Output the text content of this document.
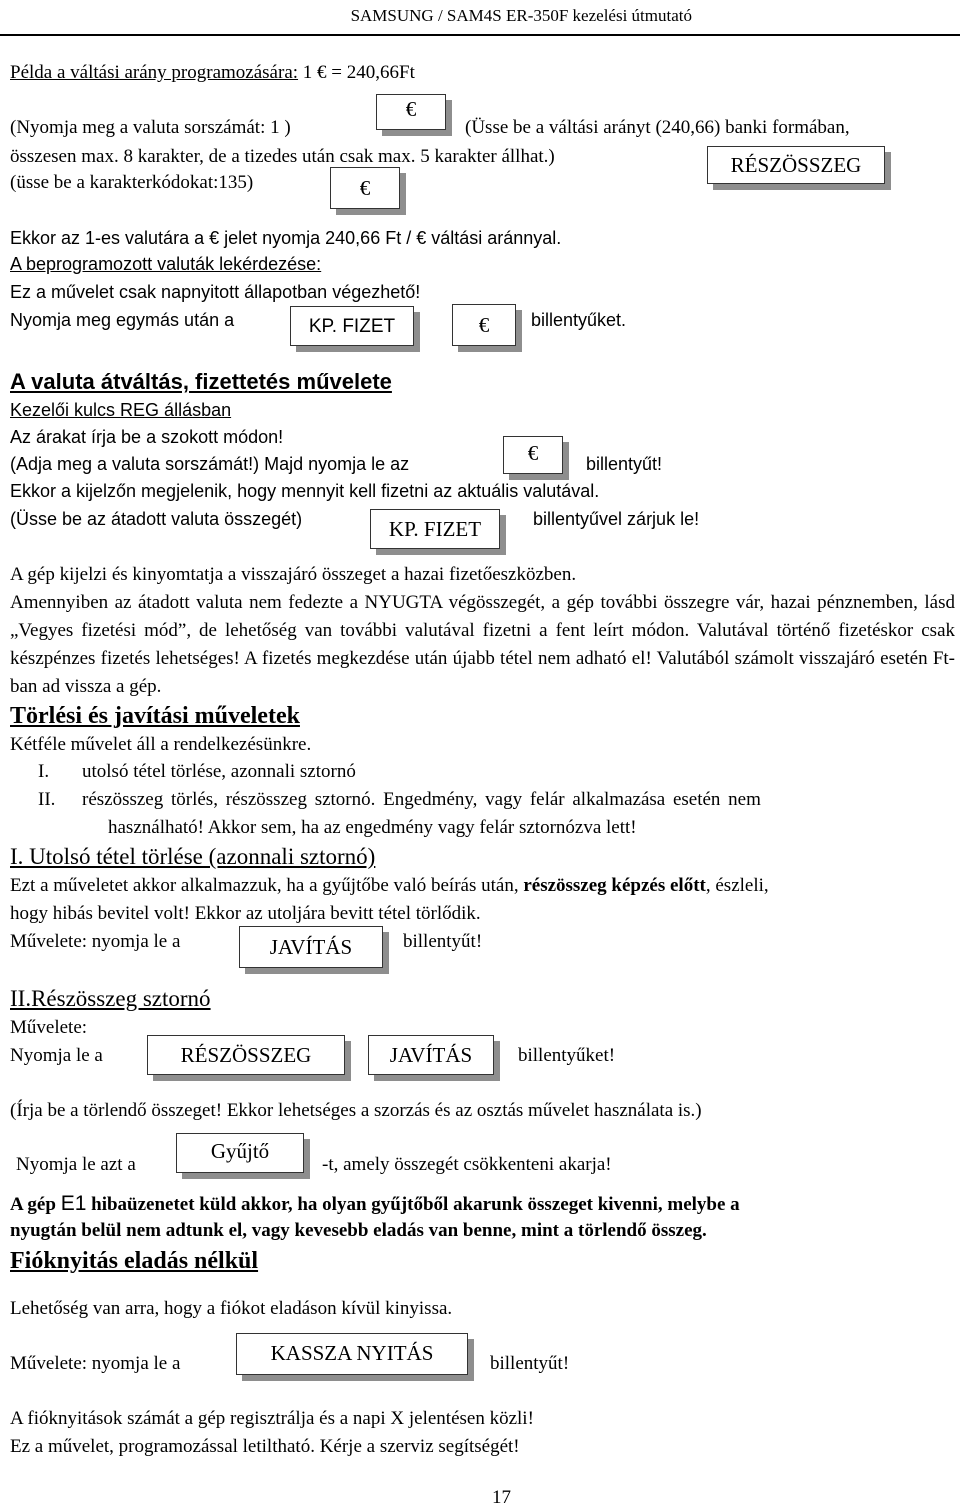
SAMSUNG / SAM4S ER-350F kezelési útmutató
Példa a váltási arány programozására: 1 € = 240,66Ft
(Nyomja meg a valuta sorszámát: 1 )
€
(Üsse be a váltási arányt (240,66) banki formában,
összesen max. 8 karakter, de a tizedes után csak max. 5 karakter állhat.)	RÉSZÖSSZEG
(üsse be a karakterkódokat:135)	€
Ekkor az 1-es valutára a € jelet nyomja 240,66 Ft / € váltási aránnyal.
A beprogramozott valuták lekérdezése:
Ez a művelet csak napnyitott állapotban végezhető!
Nyomja meg egymás után a	KP. FIZET	€	billentyűket.
A valuta átváltás, fizettetés művelete
Kezelői kulcs REG állásban
Az árakat írja be a szokott módon!
(Adja meg a valuta sorszámát!) Majd nyomja le az	€	billentyűt!
Ekkor a kijelzőn megjelenik, hogy mennyit kell fizetni az aktuális valutával.
(Üsse be az átadott valuta összegét)	KP. FIZET	billentyűvel zárjuk le!
A gép kijelzi és kinyomtatja a visszajáró összeget a hazai fizetőeszközben.
Amennyiben az átadott valuta nem fedezte a NYUGTA végösszegét, a gép további összegre vár, hazai pénznemben, lásd „Vegyes fizetési mód”, de lehetőség van további valutával fizetni a fent leírt módon. Valutával történő fizetéskor csak készpénzes fizetés lehetséges! A fizetés megkezdése után újabb tétel nem adható el! Valutából számolt visszajáró esetén Ft-ban ad vissza a gép.
Törlési és javítási műveletek
Kétféle művelet áll a rendelkezésünkre.
I. utolsó tétel törlése, azonnali sztornó
II. részösszeg törlés, részösszeg sztornó. Engedmény, vagy felár alkalmazása esetén nem
használható! Akkor sem, ha az engedmény vagy felár sztornózva lett!
I. Utolsó tétel törlése (azonnali sztornó)
Ezt a műveletet akkor alkalmazzuk, ha a gyűjtőbe való beírás után, részösszeg képzés előtt, észleli,
hogy hibás bevitel volt! Ekkor az utoljára bevitt tétel törlődik.
Művelete: nyomja le a	JAVÍTÁS	billentyűt!
II.Részösszeg sztornó
Művelete:
Nyomja le a	RÉSZÖSSZEG	JAVÍTÁS	billentyűket!
(Írja be a törlendő összeget! Ekkor lehetséges a szorzás és az osztás művelet használata is.)
Nyomja le azt a
Gyűjtő
-t, amely összegét csökkenteni akarja!
A gép E1 hibaüzenetet küld akkor, ha olyan gyűjtőből akarunk összeget kivenni, melybe a
nyugtán belül nem adtunk el, vagy kevesebb eladás van benne, mint a törlendő összeg.
Fióknyitás eladás nélkül
Lehetőség van arra, hogy a fiókot eladáson kívül kinyissa.
Művelete: nyomja le a	KASSZA NYITÁS	billentyűt!
A fióknyitások számát a gép regisztrálja és a napi X jelentésen közli!
Ez a művelet, programozással letiltható. Kérje a szerviz segítségét!
17
